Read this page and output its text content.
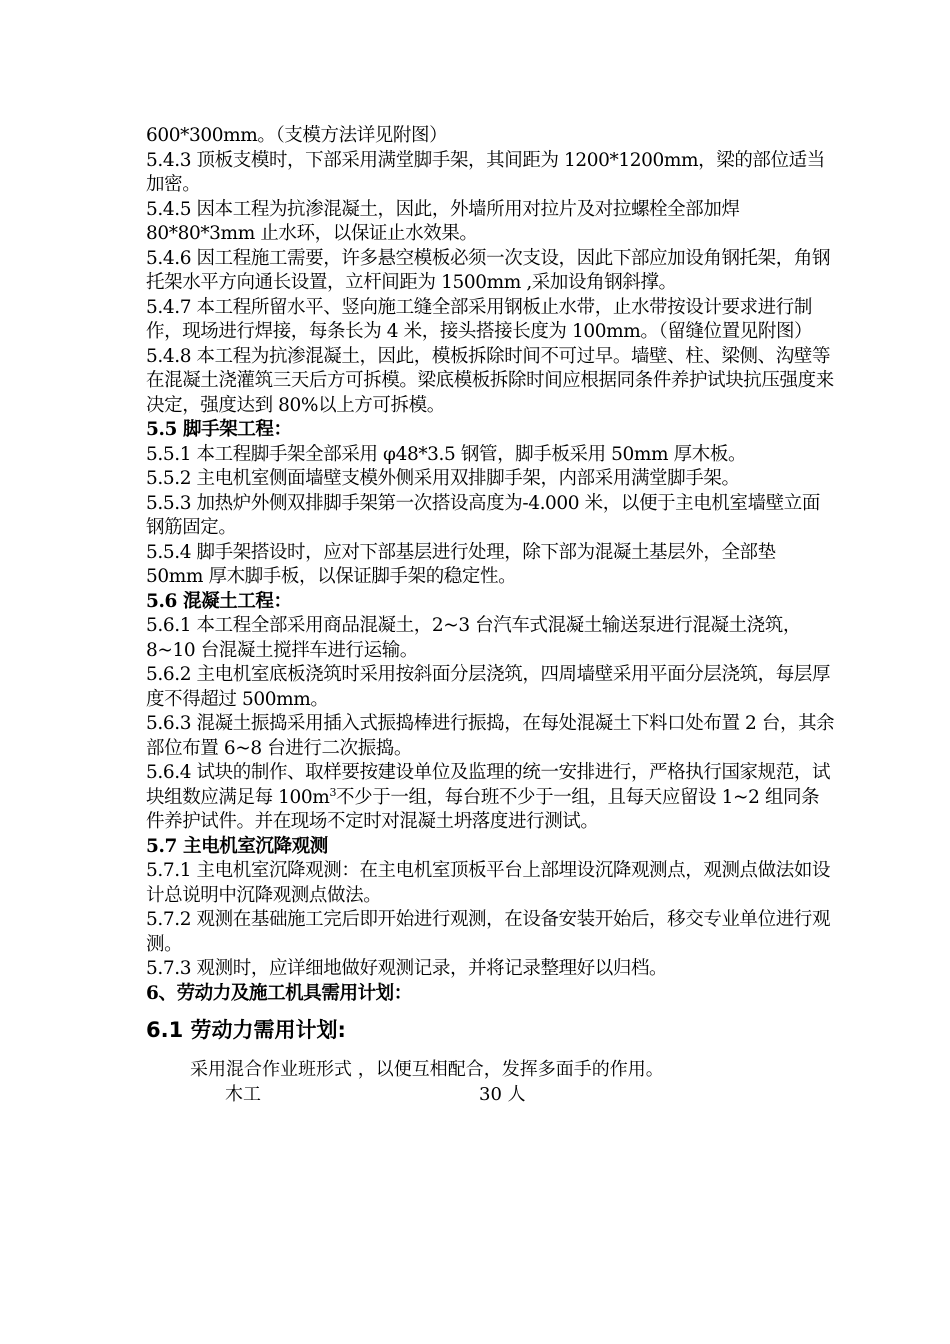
600*300mm。（支模方法详见附图）

5.4.3 顶板支模时，下部采用满堂脚手架，其间距为 1200*1200mm，梁的部位适当加密。

5.4.5 因本工程为抗渗混凝土，因此，外墙所用对拉片及对拉螺栓全部加焊 80*80*3mm 止水环，以保证止水效果。

5.4.6 因工程施工需要，许多悬空模板必须一次支设，因此下部应加设角钢托架，角钢托架水平方向通长设置，立杆间距为 1500mm ,采加设角钢斜撑。

5.4.7 本工程所留水平、竖向施工缝全部采用钢板止水带，止水带按设计要求进行制作，现场进行焊接，每条长为 4 米，接头搭接长度为 100mm。（留缝位置见附图）

5.4.8 本工程为抗渗混凝土，因此，模板拆除时间不可过早。墙壁、柱、梁侧、沟壁等在混凝土浇灌筑三天后方可拆模。梁底模板拆除时间应根据同条件养护试块抗压强度来决定，强度达到 80%以上方可拆模。

5.5 脚手架工程：

5.5.1 本工程脚手架全部采用 φ48*3.5 钢管，脚手板采用 50mm 厚木板。

5.5.2 主电机室侧面墙壁支模外侧采用双排脚手架，内部采用满堂脚手架。

5.5.3 加热炉外侧双排脚手架第一次搭设高度为-4.000 米，以便于主电机室墙壁立面钢筋固定。

5.5.4 脚手架搭设时，应对下部基层进行处理，除下部为混凝土基层外，全部垫 50mm 厚木脚手板，以保证脚手架的稳定性。

5.6 混凝土工程：

5.6.1 本工程全部采用商品混凝土，2~3 台汽车式混凝土输送泵进行混凝土浇筑，8~10 台混凝土搅拌车进行运输。

5.6.2 主电机室底板浇筑时采用按斜面分层浇筑，四周墙壁采用平面分层浇筑，每层厚度不得超过 500mm。

5.6.3 混凝土振捣采用插入式振捣棒进行振捣，在每处混凝土下料口处布置 2 台，其余部位布置 6~8 台进行二次振捣。

5.6.4 试块的制作、取样要按建设单位及监理的统一安排进行，严格执行国家规范，试块组数应满足每 $100m^3$不少于一组，每台班不少于一组，且每天应留设 1~2 组同条件养护试件。并在现场不定时对混凝土坍落度进行测试。

5.7 主电机室沉降观测

5.7.1 主电机室沉降观测：在主电机室顶板平台上部埋设沉降观测点，观测点做法如设计总说明中沉降观测点做法。

5.7.2 观测在基础施工完后即开始进行观测，在设备安装开始后，移交专业单位进行观测。

5.7.3 观测时，应详细地做好观测记录，并将记录整理好以归档。

6、劳动力及施工机具需用计划：

6.1 劳动力需用计划:

采用混合作业班形式 ，以便互相配合，发挥多面手的作用。

木工	30 人
